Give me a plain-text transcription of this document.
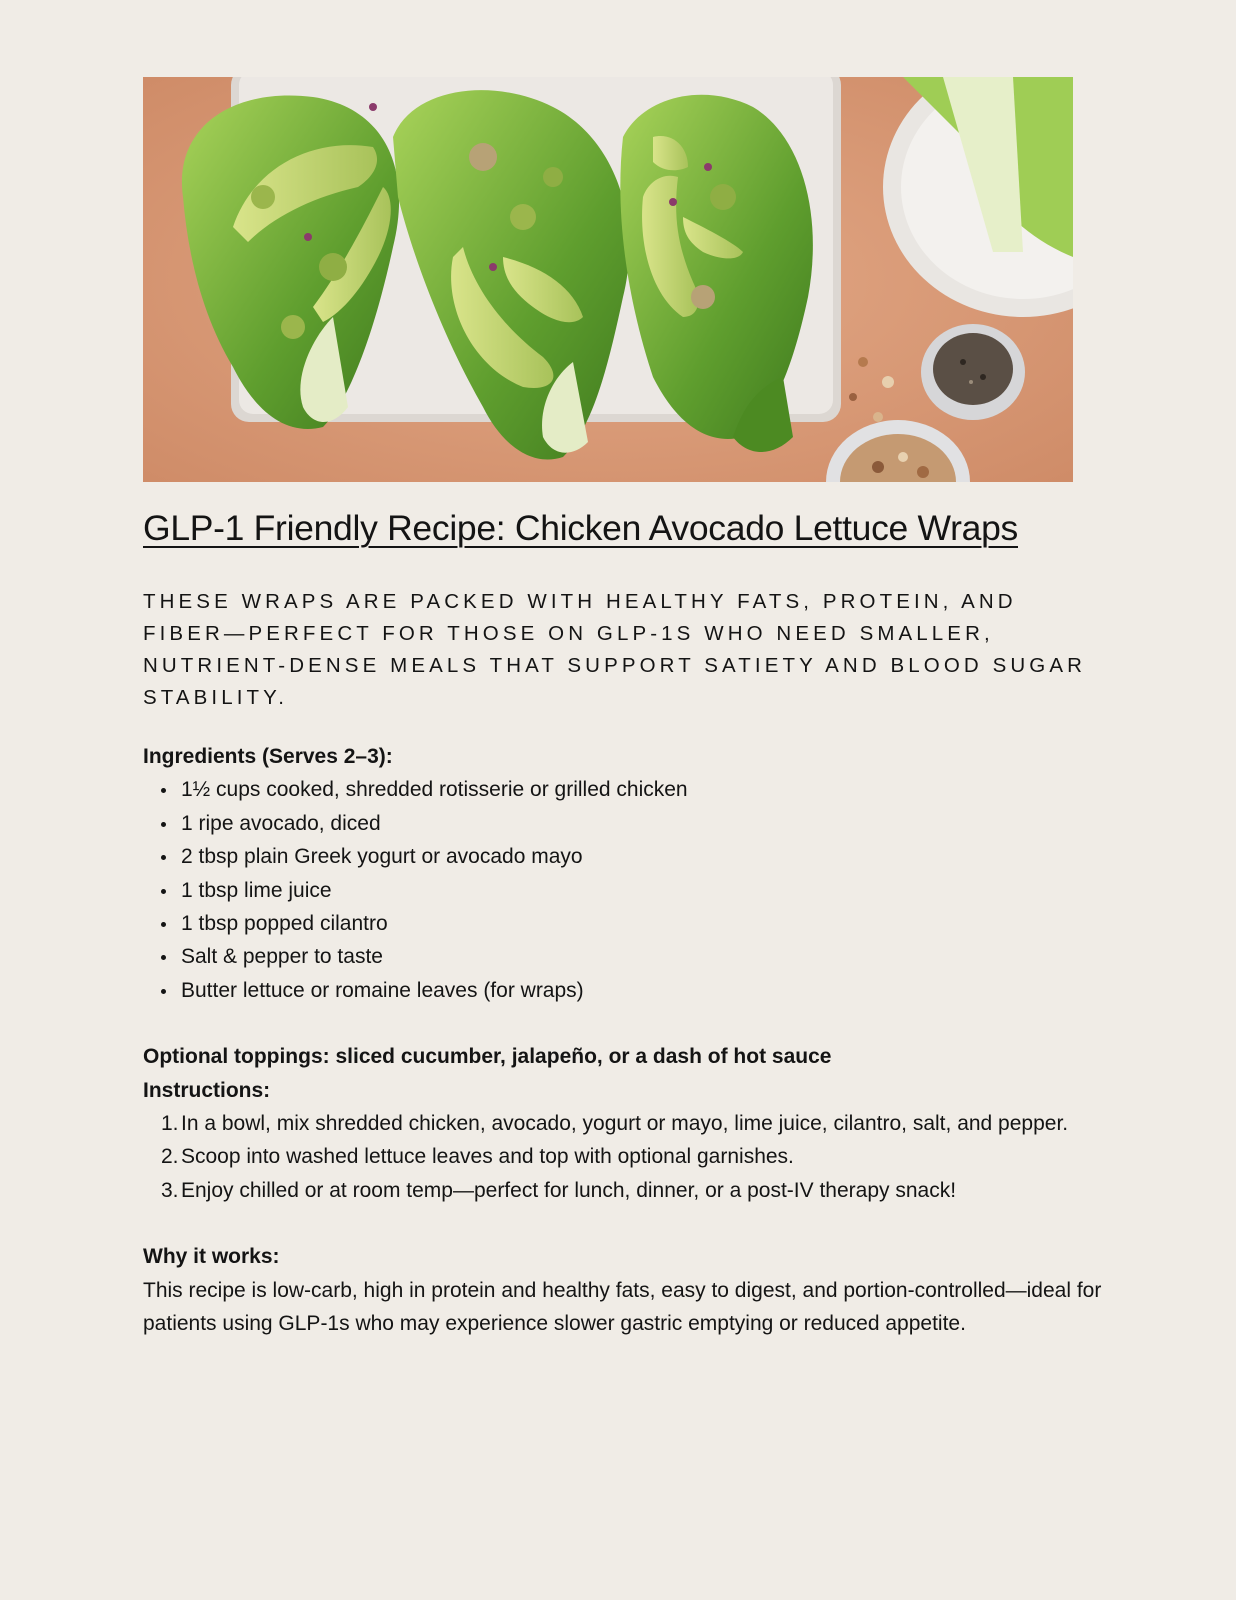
GLP-1 Friendly Recipe: Chicken Avocado Lettuce Wraps

THESE WRAPS ARE PACKED WITH HEALTHY FATS, PROTEIN, AND FIBER—PERFECT FOR THOSE ON GLP-1S WHO NEED SMALLER, NUTRIENT-DENSE MEALS THAT SUPPORT SATIETY AND BLOOD SUGAR STABILITY.

Ingredients (Serves 2–3):

1½ cups cooked, shredded rotisserie or grilled chicken
1 ripe avocado, diced
2 tbsp plain Greek yogurt or avocado mayo
1 tbsp lime juice
1 tbsp popped cilantro
Salt & pepper to taste
Butter lettuce or romaine leaves (for wraps)

Optional toppings: sliced cucumber, jalapeño, or a dash of hot sauce

Instructions:

1. In a bowl, mix shredded chicken, avocado, yogurt or mayo, lime juice, cilantro, salt, and pepper.
2. Scoop into washed lettuce leaves and top with optional garnishes.
3. Enjoy chilled or at room temp—perfect for lunch, dinner, or a post-IV therapy snack!

Why it works:

This recipe is low-carb, high in protein and healthy fats, easy to digest, and portion-controlled—ideal for patients using GLP-1s who may experience slower gastric emptying or reduced appetite.
